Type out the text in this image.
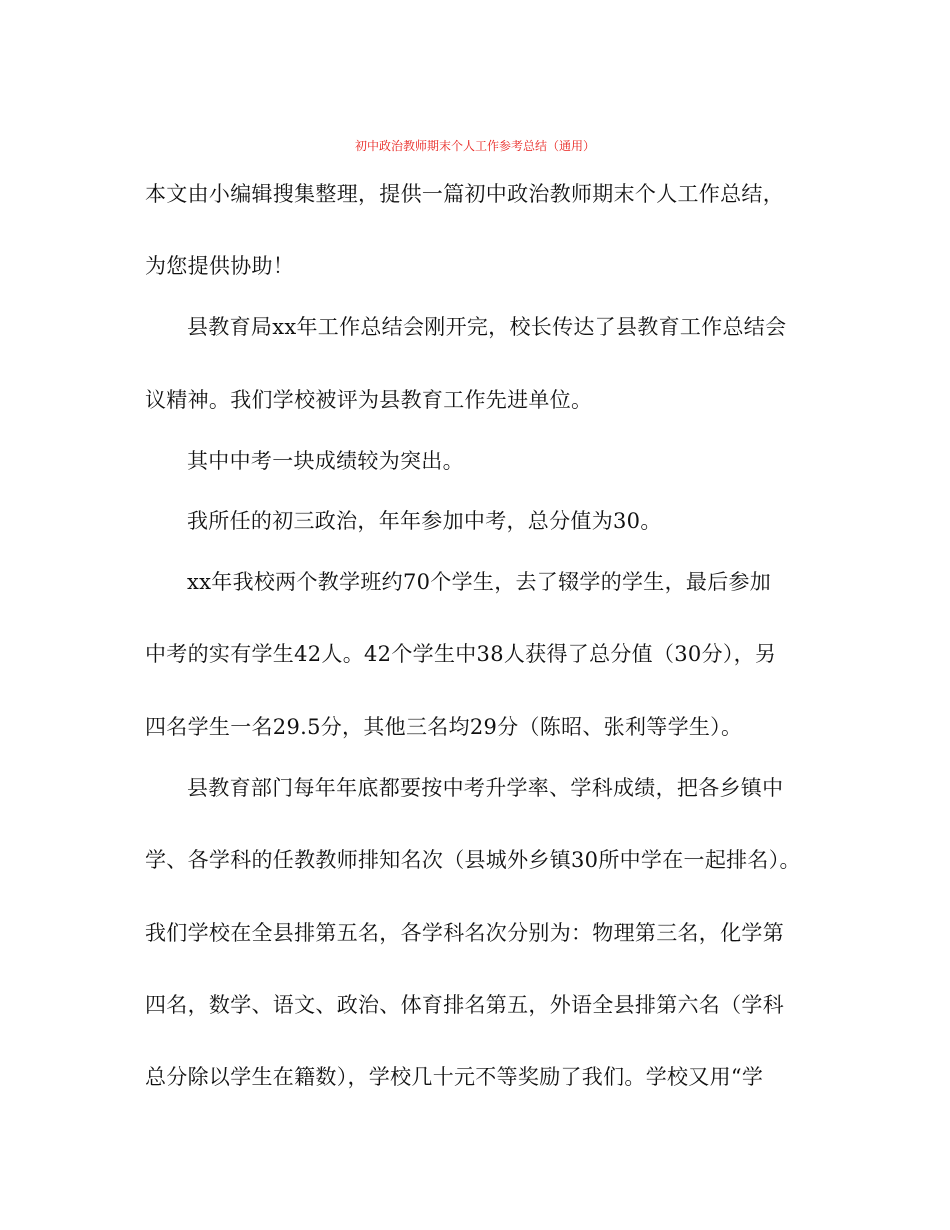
初中政治教师期末个人工作参考总结（通用）
本文由小编辑搜集整理，提供一篇初中政治教师期末个人工作总结，
为您提供协助！
县教育局xx年工作总结会刚开完，校长传达了县教育工作总结会
议精神。我们学校被评为县教育工作先进单位。
其中中考一块成绩较为突出。
我所任的初三政治，年年参加中考，总分值为30。
xx年我校两个教学班约70个学生，去了辍学的学生，最后参加
中考的实有学生42人。42个学生中38人获得了总分值（30分），另
四名学生一名29.5分，其他三名均29分（陈昭、张利等学生）。
县教育部门每年年底都要按中考升学率、学科成绩，把各乡镇中
学、各学科的任教教师排知名次（县城外乡镇30所中学在一起排名）。
我们学校在全县排第五名，各学科名次分别为：物理第三名，化学第
四名，数学、语文、政治、体育排名第五，外语全县排第六名（学科
总分除以学生在籍数），学校几十元不等奖励了我们。学校又用“学
